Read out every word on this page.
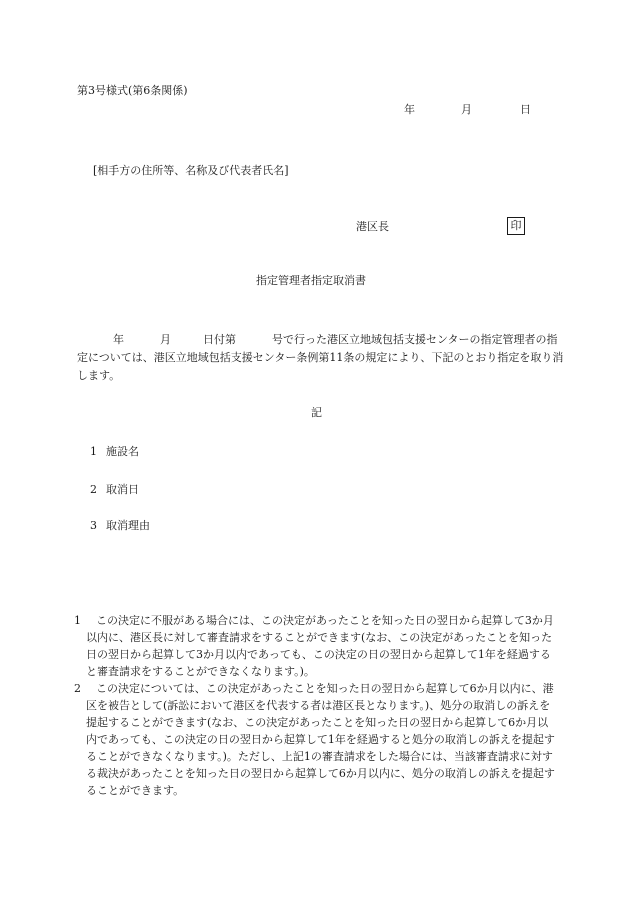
第3号様式(第6条関係)
年	月	日
[相手方の住所等、名称及び代表者氏名]
港区長	印
指定管理者指定取消書
年	月	日付第	号で行った港区立地域包括支援センターの指定管理者の指定については、港区立地域包括支援センター条例第11条の規定により、下記のとおり指定を取り消します。
記
1 施設名
2 取消日
3 取消理由
1	この決定に不服がある場合には、この決定があったことを知った日の翌日から起算して3か月以内に、港区長に対して審査請求をすることができます(なお、この決定があったことを知った日の翌日から起算して3か月以内であっても、この決定の日の翌日から起算して1年を経過すると審査請求をすることができなくなります。)。
2	この決定については、この決定があったことを知った日の翌日から起算して6か月以内に、港区を被告として(訴訟において港区を代表する者は港区長となります。)、処分の取消しの訴えを提起することができます(なお、この決定があったことを知った日の翌日から起算して6か月以内であっても、この決定の日の翌日から起算して1年を経過すると処分の取消しの訴えを提起することができなくなります。)。ただし、上記1の審査請求をした場合には、当該審査請求に対する裁決があったことを知った日の翌日から起算して6か月以内に、処分の取消しの訴えを提起することができます。
